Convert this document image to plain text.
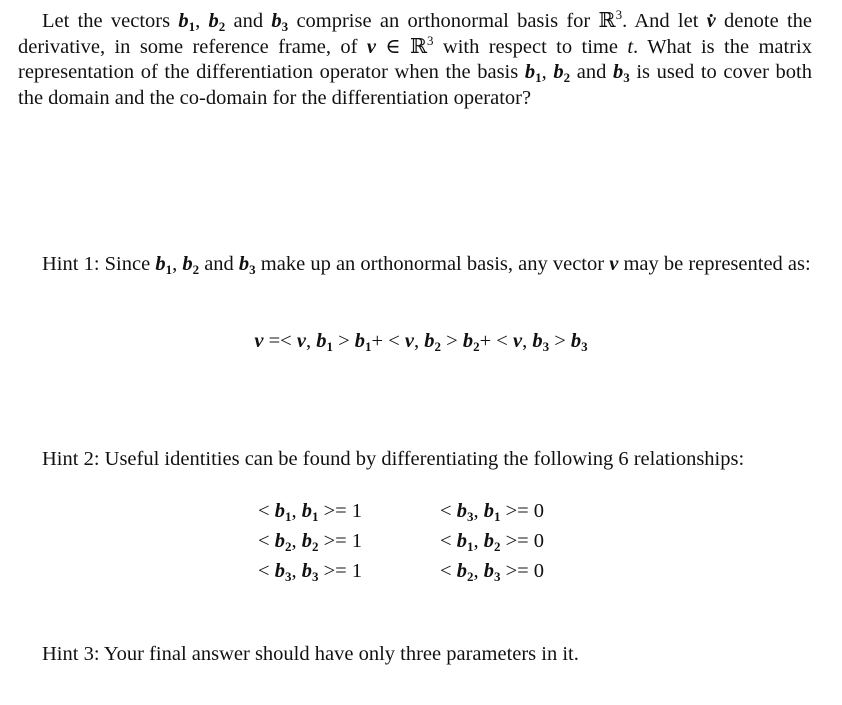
Let the vectors $b_1$, $b_2$ and $b_3$ comprise an orthonormal basis for ℝ$^3$. And let v̇ denote the derivative, in some reference frame, of v ∈ ℝ$^3$ with respect to time t. What is the matrix representation of the differentiation operator when the basis $b_1$, $b_2$ and $b_3$ is used to cover both the domain and the co-domain for the differentiation operator?

Hint 1: Since $b_1$, $b_2$ and $b_3$ make up an orthonormal basis, any vector v may be represented as:

v =< v, $b_1 > b_1+ < v$, $b_2 > b_2+ < v$, $b_3 > b_3$

Hint 2: Useful identities can be found by differentiating the following 6 relationships:

< $b_1$, $b_1 >= 1$
< $b_2$, $b_2 >= 1$
< $b_3$, $b_3 >= 1$
< $b_3$, $b_1 >= 0$
< $b_1$, $b_2 >= 0$
< $b_2$, $b_3 >= 0$

Hint 3: Your final answer should have only three parameters in it.
